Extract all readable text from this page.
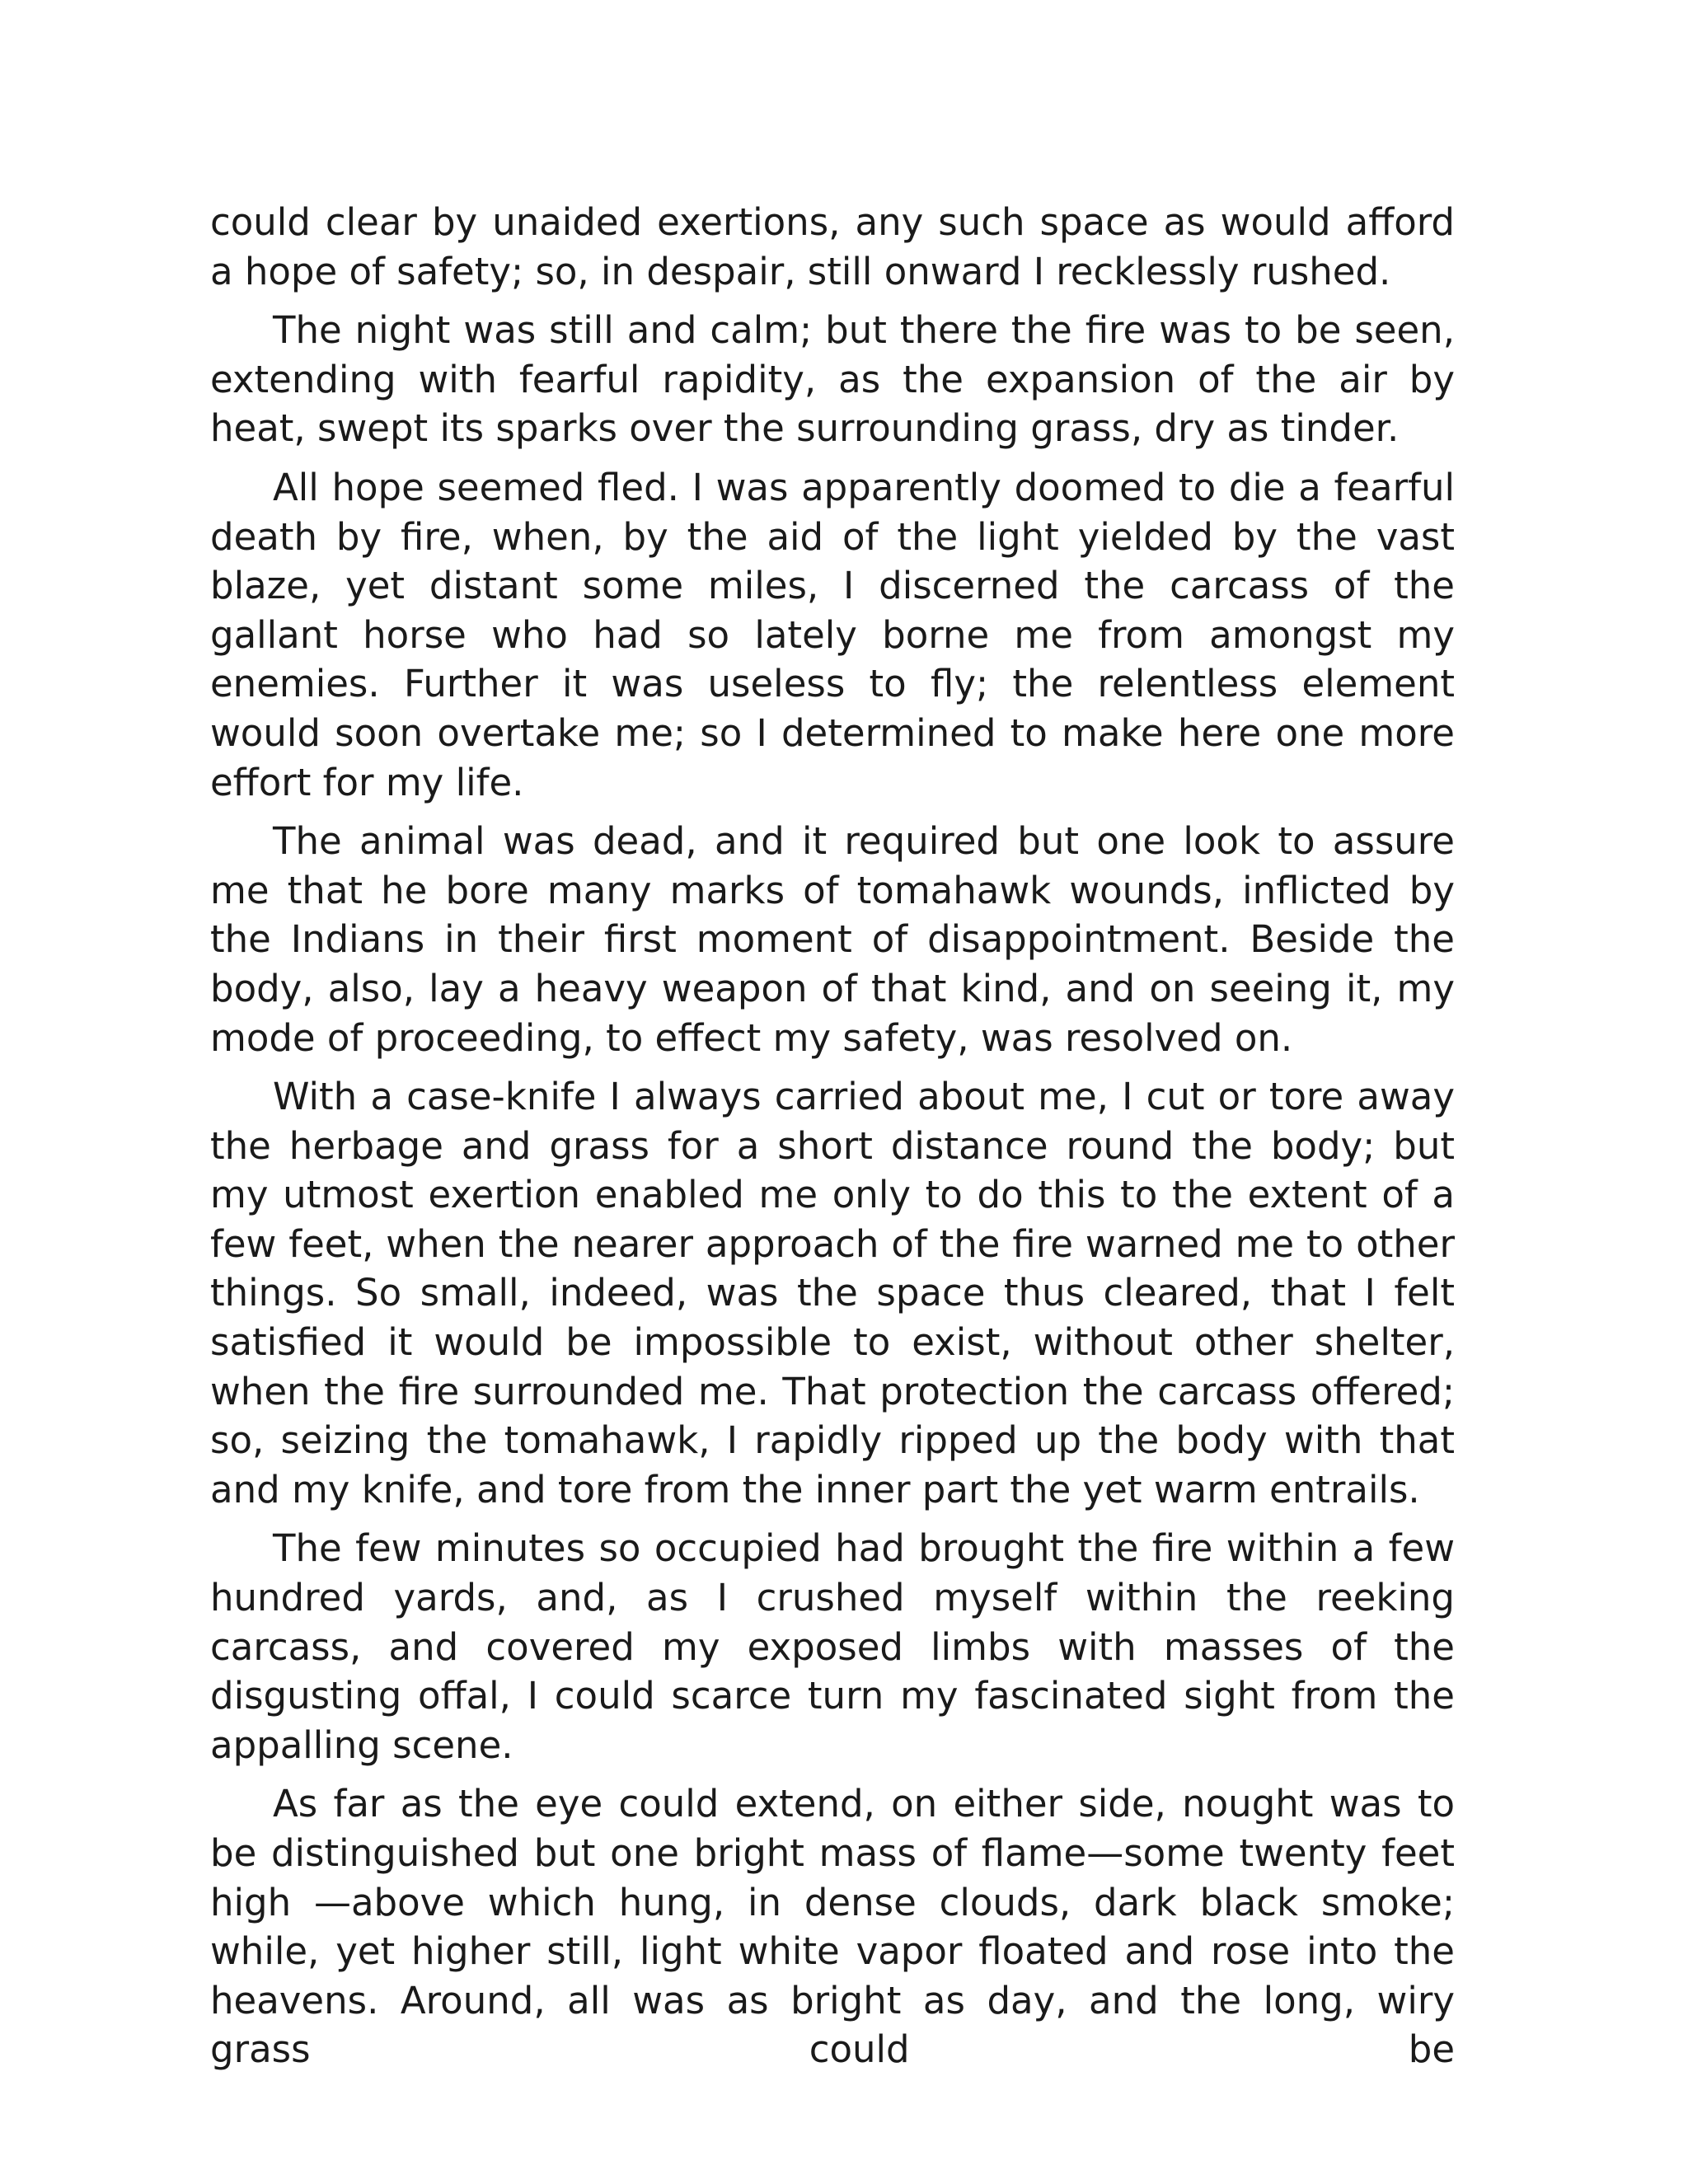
could clear by unaided exertions, any such space as would afford a hope of safety; so, in despair, still onward I recklessly rushed.

The night was still and calm; but there the fire was to be seen, extending with fearful rapidity, as the expansion of the air by heat, swept its sparks over the surrounding grass, dry as tinder.

All hope seemed fled. I was apparently doomed to die a fearful death by fire, when, by the aid of the light yielded by the vast blaze, yet distant some miles, I discerned the carcass of the gallant horse who had so lately borne me from amongst my enemies. Further it was useless to fly; the relentless element would soon overtake me; so I determined to make here one more effort for my life.

The animal was dead, and it required but one look to assure me that he bore many marks of tomahawk wounds, inflicted by the Indians in their first moment of disappointment. Beside the body, also, lay a heavy weapon of that kind, and on seeing it, my mode of proceeding, to effect my safety, was resolved on.

With a case-knife I always carried about me, I cut or tore away the herbage and grass for a short distance round the body; but my utmost exertion enabled me only to do this to the extent of a few feet, when the nearer approach of the fire warned me to other things. So small, indeed, was the space thus cleared, that I felt satisfied it would be impossible to exist, without other shelter, when the fire surrounded me. That protection the carcass offered; so, seizing the tomahawk, I rapidly ripped up the body with that and my knife, and tore from the inner part the yet warm entrails.

The few minutes so occupied had brought the fire within a few hundred yards, and, as I crushed myself within the reeking carcass, and covered my exposed limbs with masses of the disgusting offal, I could scarce turn my fascinated sight from the appalling scene.

As far as the eye could extend, on either side, nought was to be distinguished but one bright mass of flame—some twenty feet high —above which hung, in dense clouds, dark black smoke; while, yet higher still, light white vapor floated and rose into the heavens. Around, all was as bright as day, and the long, wiry grass could be
